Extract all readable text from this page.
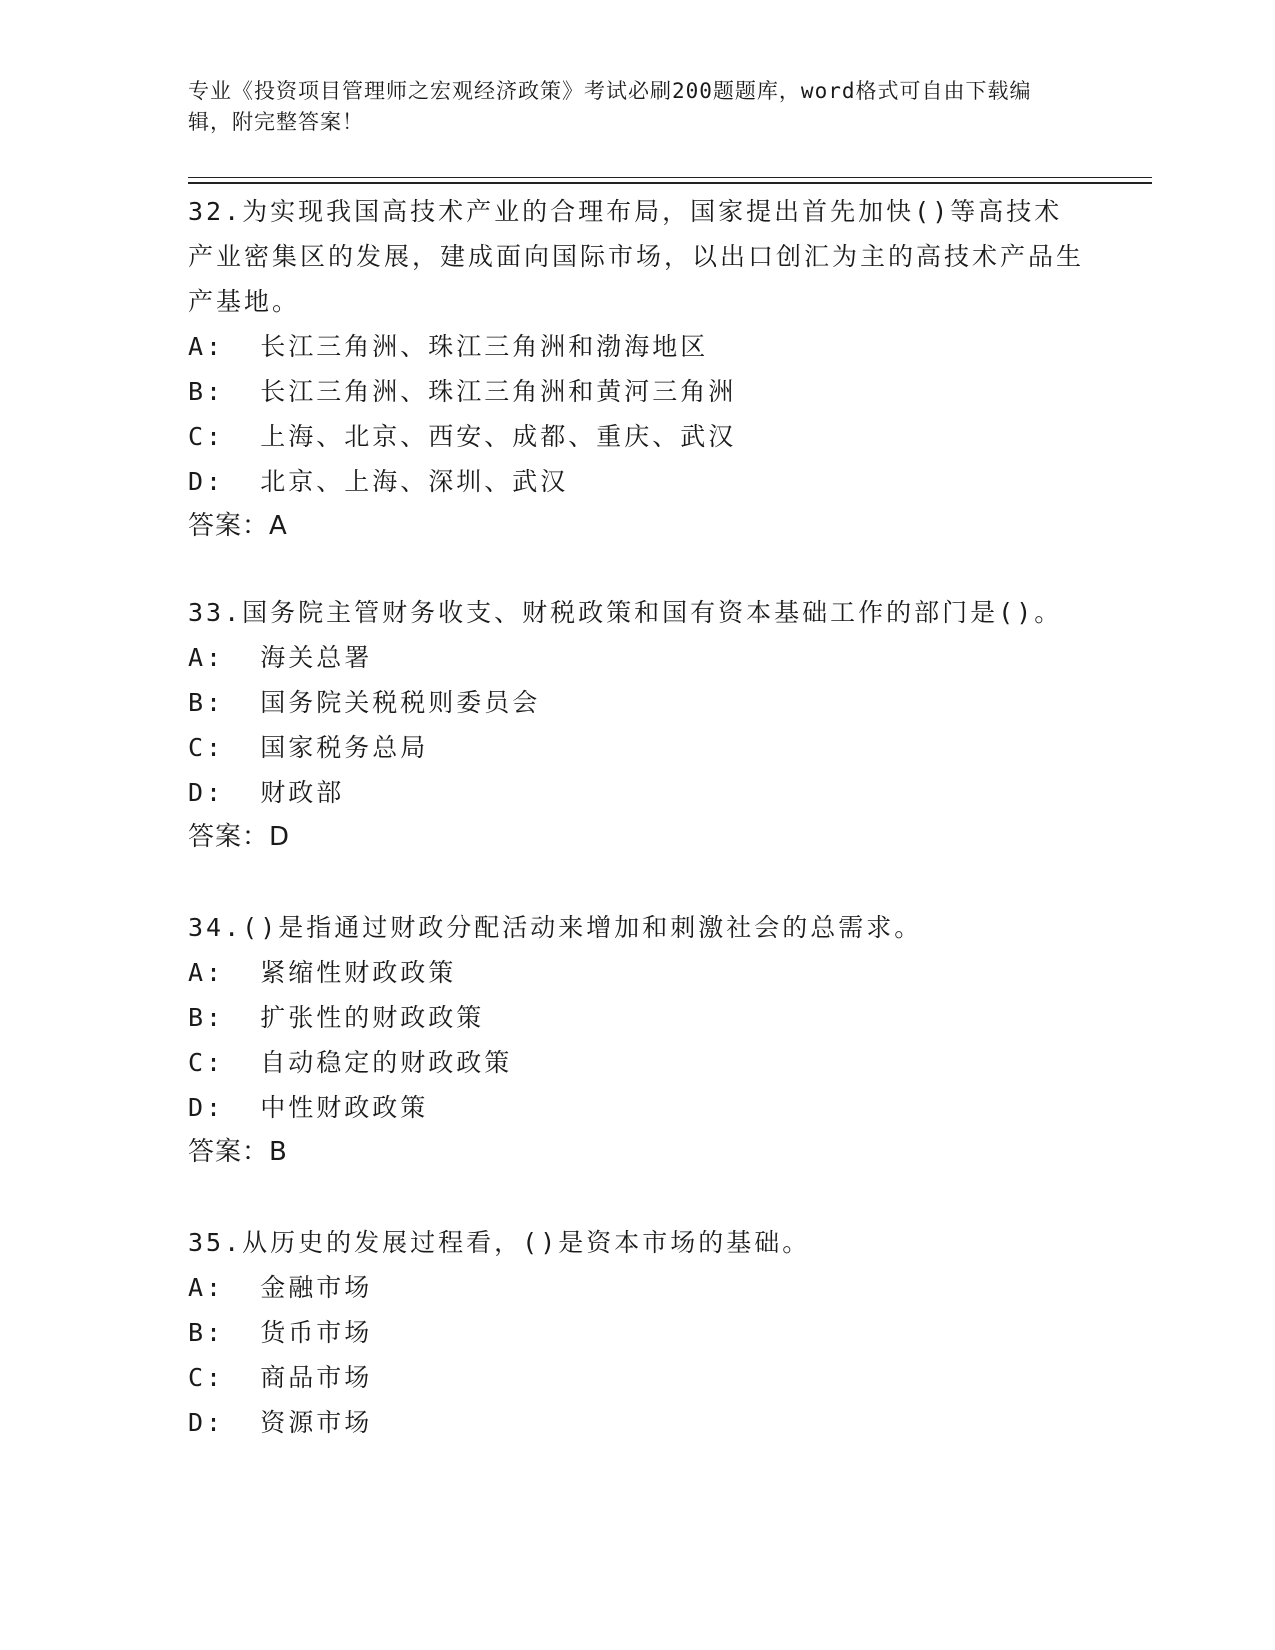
专业《投资项目管理师之宏观经济政策》考试必刷200题题库，word格式可自由下载编辑，附完整答案！

32.为实现我国高技术产业的合理布局，国家提出首先加快()等高技术产业密集区的发展，建成面向国际市场，以出口创汇为主的高技术产品生产基地。

A:  长江三角洲、珠江三角洲和渤海地区

B:  长江三角洲、珠江三角洲和黄河三角洲

C:  上海、北京、西安、成都、重庆、武汉

D:  北京、上海、深圳、武汉

答案：A

33.国务院主管财务收支、财税政策和国有资本基础工作的部门是()。

A:  海关总署

B:  国务院关税税则委员会

C:  国家税务总局

D:  财政部

答案：D

34.()是指通过财政分配活动来增加和刺激社会的总需求。

A:  紧缩性财政政策

B:  扩张性的财政政策

C:  自动稳定的财政政策

D:  中性财政政策

答案：B

35.从历史的发展过程看，()是资本市场的基础。

A:  金融市场

B:  货币市场

C:  商品市场

D:  资源市场
